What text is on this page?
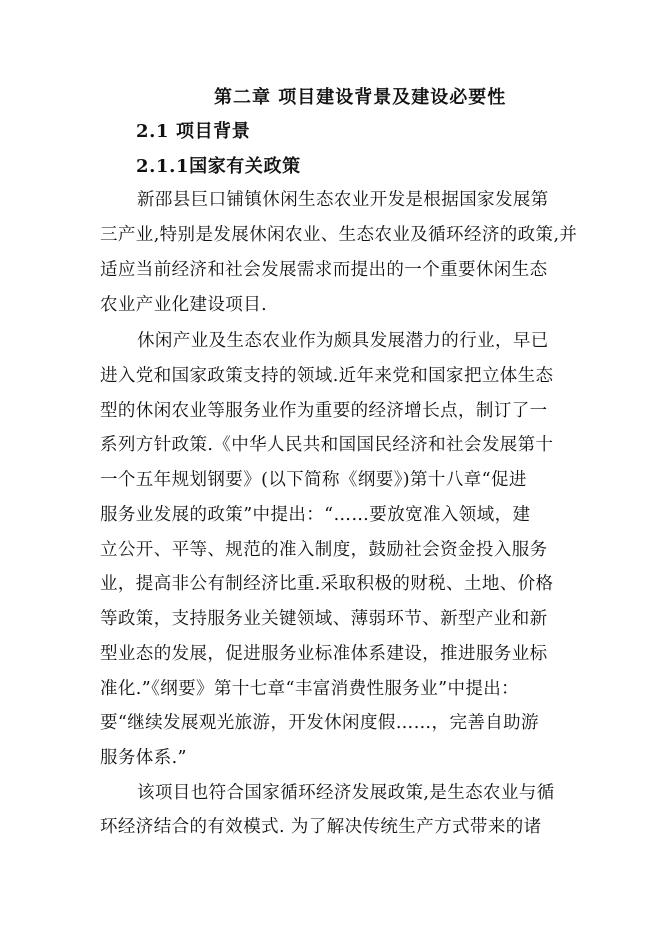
第二章 项目建设背景及建设必要性
2.1 项目背景
2.1.1国家有关政策
新邵县巨口铺镇休闲生态农业开发是根据国家发展第
三产业,特别是发展休闲农业、生态农业及循环经济的政策,并
适应当前经济和社会发展需求而提出的一个重要休闲生态
农业产业化建设项目.
休闲产业及生态农业作为颇具发展潜力的行业，早已
进入党和国家政策支持的领域.近年来党和国家把立体生态
型的休闲农业等服务业作为重要的经济增长点，制订了一
系列方针政策.《中华人民共和国国民经济和社会发展第十
一个五年规划钢要》(以下简称《纲要》)第十八章“促进
服务业发展的政策”中提出：“……要放宽准入领域，建
立公开、平等、规范的准入制度，鼓励社会资金投入服务
业，提高非公有制经济比重.采取积极的财税、土地、价格
等政策，支持服务业关键领域、薄弱环节、新型产业和新
型业态的发展，促进服务业标准体系建设，推进服务业标
准化.”《纲要》第十七章“丰富消费性服务业”中提出：
要“继续发展观光旅游，开发休闲度假……，完善自助游
服务体系.”
该项目也符合国家循环经济发展政策,是生态农业与循
环经济结合的有效模式. 为了解决传统生产方式带来的诸
